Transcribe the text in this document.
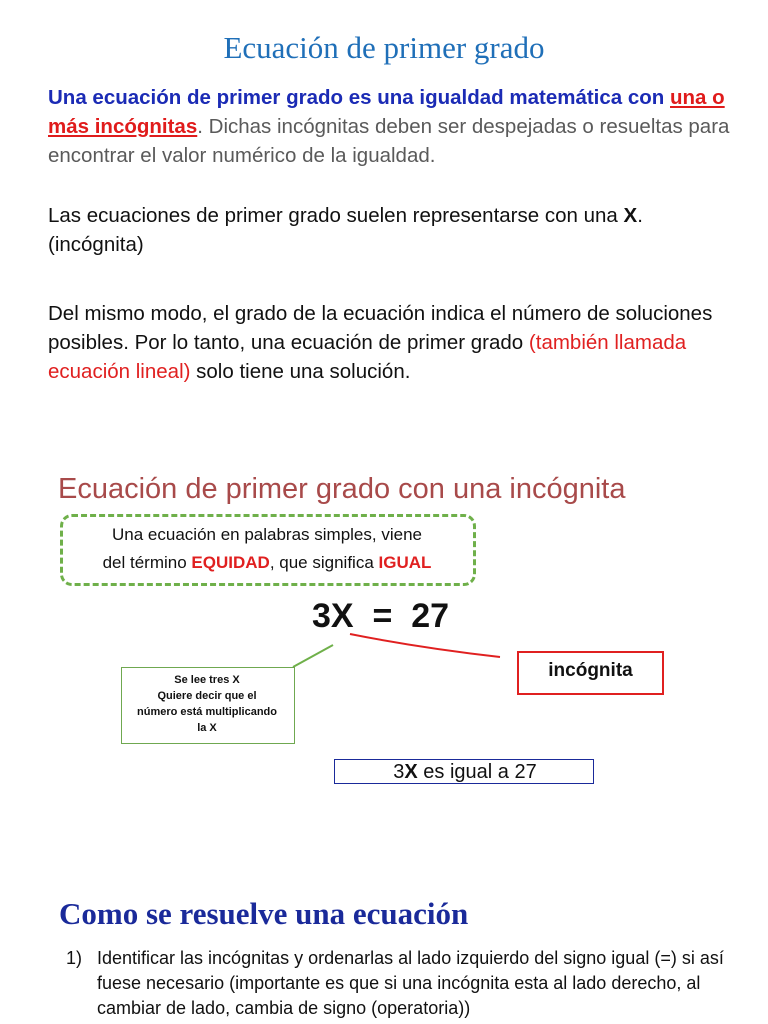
Ecuación de primer grado
Una ecuación de primer grado es una igualdad matemática con una o más incógnitas. Dichas incógnitas deben ser despejadas o resueltas para encontrar el valor numérico de la igualdad.
Las ecuaciones de primer grado suelen representarse con una X.
(incógnita)
Del mismo modo, el grado de la ecuación indica el número de soluciones posibles. Por lo tanto, una ecuación de primer grado (también llamada ecuación lineal) solo tiene una solución.
Ecuación de primer grado con una incógnita
Una ecuación en palabras simples, viene
del término EQUIDAD, que significa IGUAL
3X  =  27
Se lee tres X
Quiere decir que el
número está multiplicando
la X
incógnita
3X es igual a 27
Como se resuelve una ecuación
1) Identificar las incógnitas y ordenarlas al lado izquierdo del signo igual (=) si así fuese necesario (importante es que si una incógnita esta al lado derecho, al cambiar de lado, cambia de signo (operatoria))
